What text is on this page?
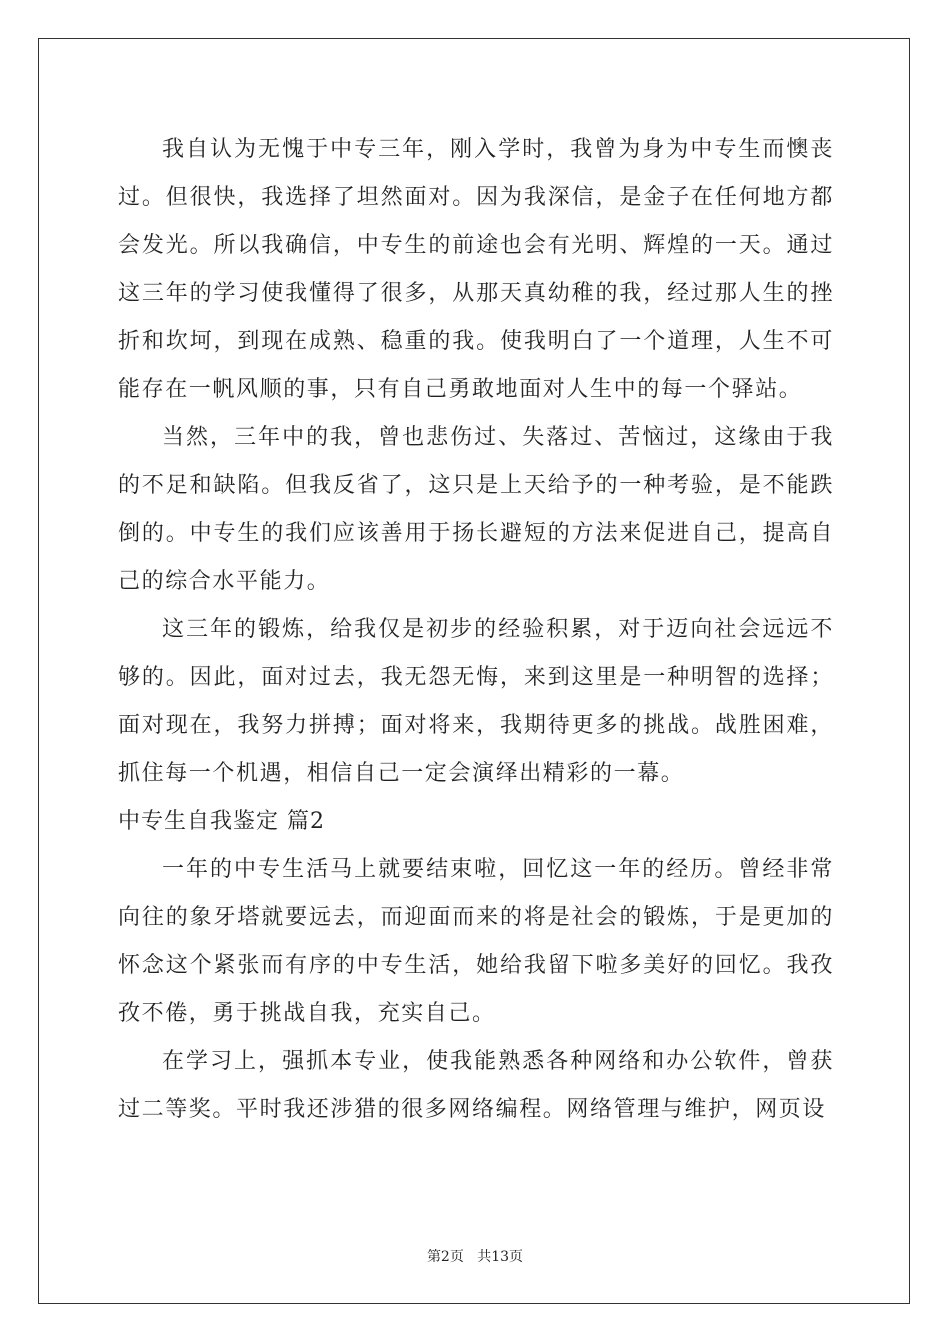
我自认为无愧于中专三年，刚入学时，我曾为身为中专生而懊丧过。但很快，我选择了坦然面对。因为我深信，是金子在任何地方都会发光。所以我确信，中专生的前途也会有光明、辉煌的一天。通过这三年的学习使我懂得了很多，从那天真幼稚的我，经过那人生的挫折和坎坷，到现在成熟、稳重的我。使我明白了一个道理，人生不可能存在一帆风顺的事，只有自己勇敢地面对人生中的每一个驿站。

当然，三年中的我，曾也悲伤过、失落过、苦恼过，这缘由于我的不足和缺陷。但我反省了，这只是上天给予的一种考验，是不能跌倒的。中专生的我们应该善用于扬长避短的方法来促进自己，提高自己的综合水平能力。

这三年的锻炼，给我仅是初步的经验积累，对于迈向社会远远不够的。因此，面对过去，我无怨无悔，来到这里是一种明智的选择；面对现在，我努力拼搏；面对将来，我期待更多的挑战。战胜困难，抓住每一个机遇，相信自己一定会演绎出精彩的一幕。

中专生自我鉴定 篇2

一年的中专生活马上就要结束啦，回忆这一年的经历。曾经非常向往的象牙塔就要远去，而迎面而来的将是社会的锻炼，于是更加的怀念这个紧张而有序的中专生活，她给我留下啦多美好的回忆。我孜孜不倦，勇于挑战自我，充实自己。

在学习上，强抓本专业，使我能熟悉各种网络和办公软件，曾获过二等奖。平时我还涉猎的很多网络编程。网络管理与维护，网页设

第2页 共13页
